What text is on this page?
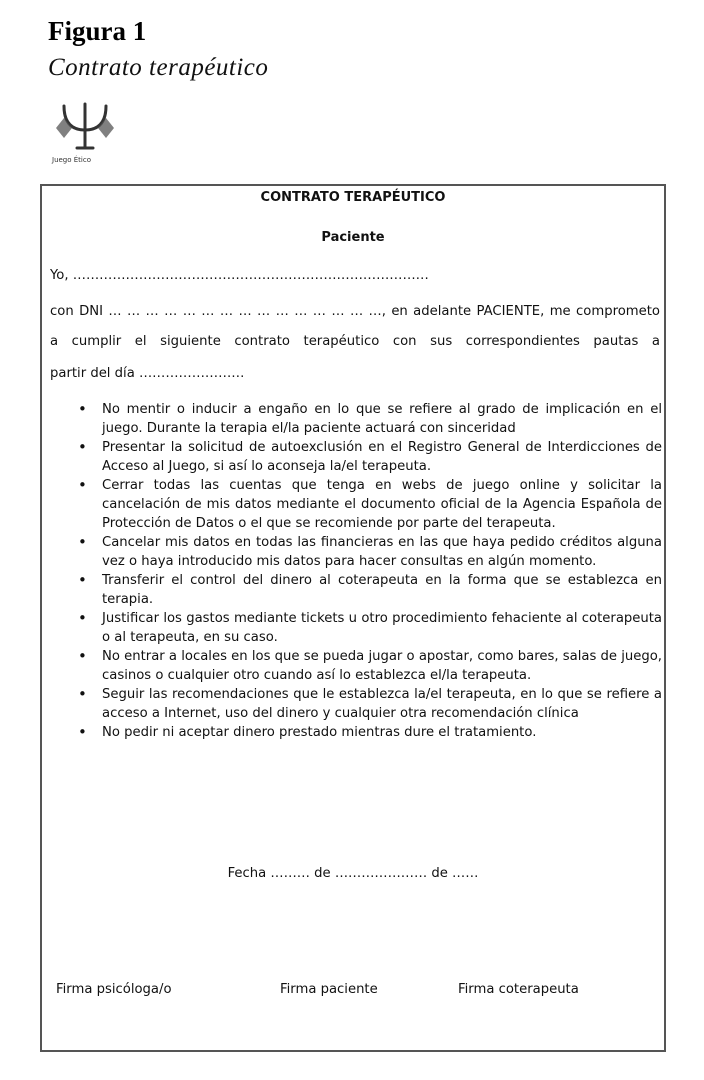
Figura 1
Contrato terapéutico
Juego Ético
CONTRATO TERAPÉUTICO
Paciente
Yo, ………………………………………………………………………
con DNI … … … … … … … … … … … … … … …, en adelante PACIENTE, me comprometo
a cumplir el siguiente contrato terapéutico con sus correspondientes pautas a
partir del día ……………………
• No mentir o inducir a engaño en lo que se refiere al grado de implicación en el juego. Durante la terapia el/la paciente actuará con sinceridad
• Presentar la solicitud de autoexclusión en el Registro General de Interdicciones de Acceso al Juego, si así lo aconseja la/el terapeuta.
• Cerrar todas las cuentas que tenga en webs de juego online y solicitar la cancelación de mis datos mediante el documento oficial de la Agencia Española de Protección de Datos o el que se recomiende por parte del terapeuta.
• Cancelar mis datos en todas las financieras en las que haya pedido créditos alguna vez o haya introducido mis datos para hacer consultas en algún momento.
• Transferir el control del dinero al coterapeuta en la forma que se establezca en terapia.
• Justificar los gastos mediante tickets u otro procedimiento fehaciente al coterapeuta o al terapeuta, en su caso.
• No entrar a locales en los que se pueda jugar o apostar, como bares, salas de juego, casinos o cualquier otro cuando así lo establezca el/la terapeuta.
• Seguir las recomendaciones que le establezca la/el terapeuta, en lo que se refiere a acceso a Internet, uso del dinero y cualquier otra recomendación clínica
• No pedir ni aceptar dinero prestado mientras dure el tratamiento.
Fecha ……… de ………………… de ……
Firma psicóloga/o	Firma paciente	Firma coterapeuta
